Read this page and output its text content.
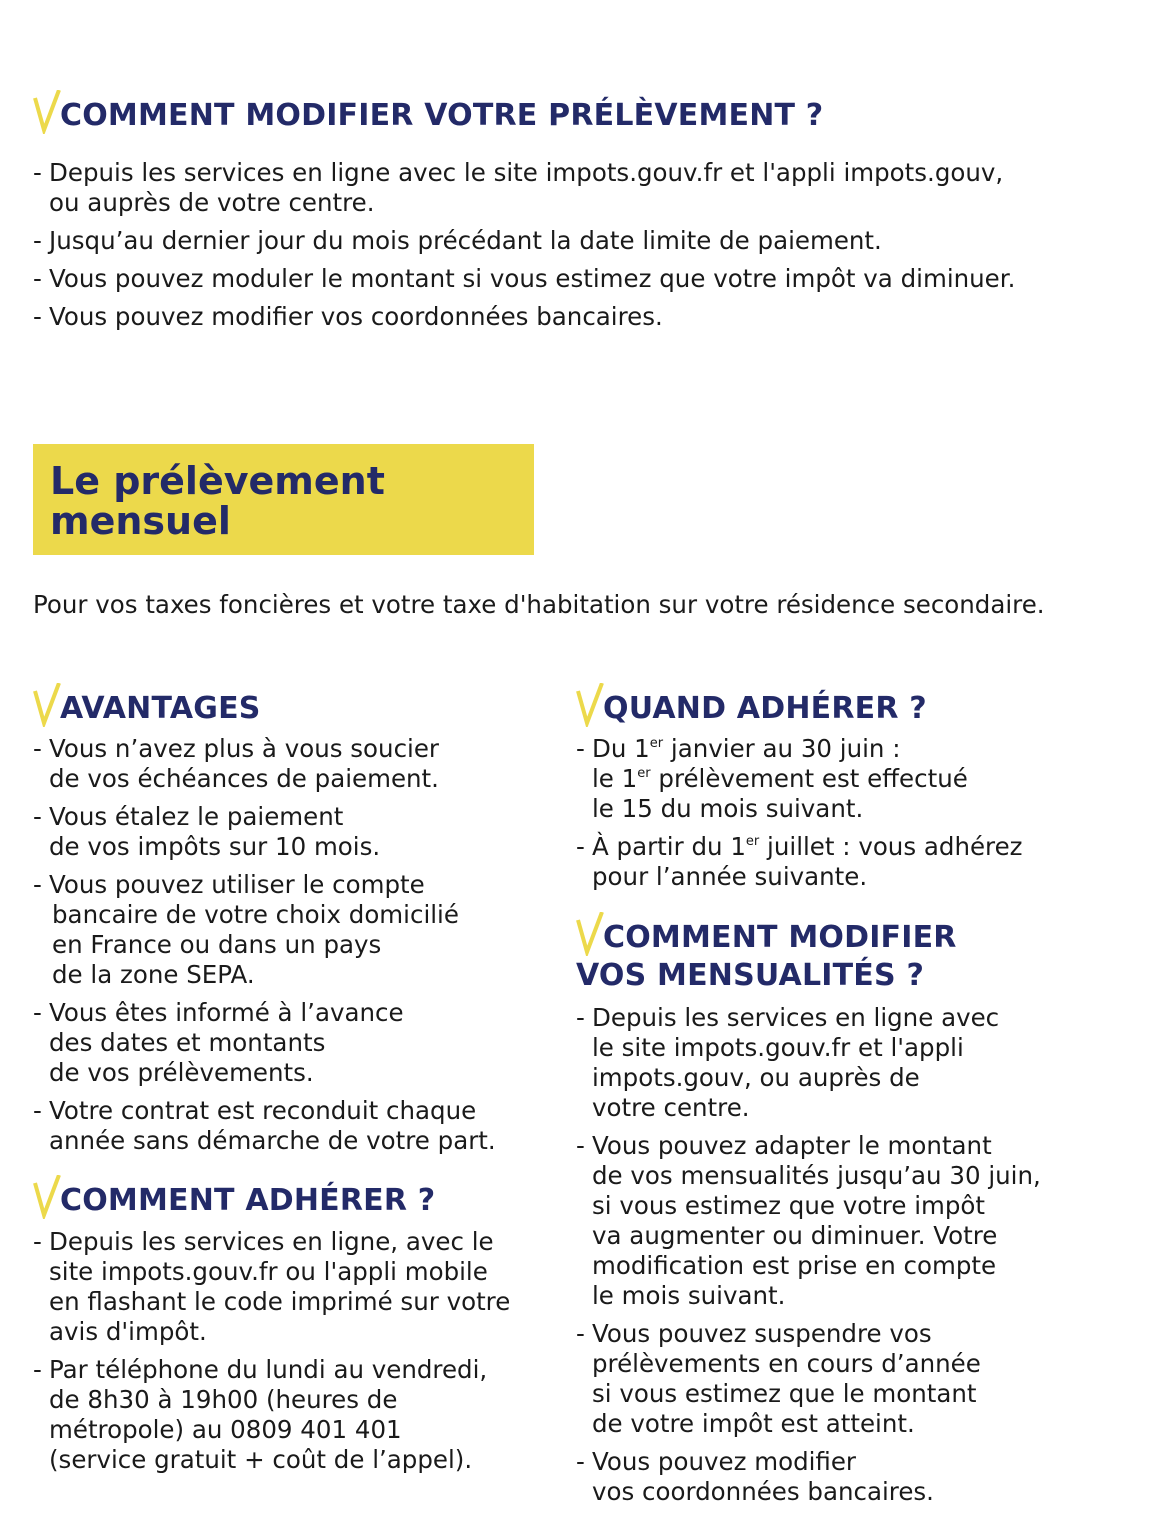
COMMENT MODIFIER VOTRE PRÉLÈVEMENT ?
- Depuis les services en ligne avec le site impots.gouv.fr et l'appli impots.gouv,
ou auprès de votre centre.
- Jusqu’au dernier jour du mois précédant la date limite de paiement.
- Vous pouvez moduler le montant si vous estimez que votre impôt va diminuer.
- Vous pouvez modifier vos coordonnées bancaires.
Le prélèvement
mensuel
Pour vos taxes foncières et votre taxe d'habitation sur votre résidence secondaire.
AVANTAGES
- Vous n’avez plus à vous soucier
de vos échéances de paiement.
- Vous étalez le paiement
de vos impôts sur 10 mois.
- Vous pouvez utiliser le compte
bancaire de votre choix domicilié
en France ou dans un pays
de la zone SEPA.
- Vous êtes informé à l’avance
des dates et montants
de vos prélèvements.
- Votre contrat est reconduit chaque
année sans démarche de votre part.
COMMENT ADHÉRER ?
- Depuis les services en ligne, avec le
site impots.gouv.fr ou l'appli mobile
en flashant le code imprimé sur votre
avis d'impôt.
- Par téléphone du lundi au vendredi,
de 8h30 à 19h00 (heures de
métropole) au 0809 401 401
(service gratuit + coût de l’appel).
QUAND ADHÉRER ?
- Du 1er janvier au 30 juin :
le 1er prélèvement est effectué
le 15 du mois suivant.
- À partir du 1er juillet : vous adhérez
pour l’année suivante.
COMMENT MODIFIER
VOS MENSUALITÉS ?
- Depuis les services en ligne avec
le site impots.gouv.fr et l'appli
impots.gouv, ou auprès de
votre centre.
- Vous pouvez adapter le montant
de vos mensualités jusqu’au 30 juin,
si vous estimez que votre impôt
va augmenter ou diminuer. Votre
modification est prise en compte
le mois suivant.
- Vous pouvez suspendre vos
prélèvements en cours d’année
si vous estimez que le montant
de votre impôt est atteint.
- Vous pouvez modifier
vos coordonnées bancaires.
